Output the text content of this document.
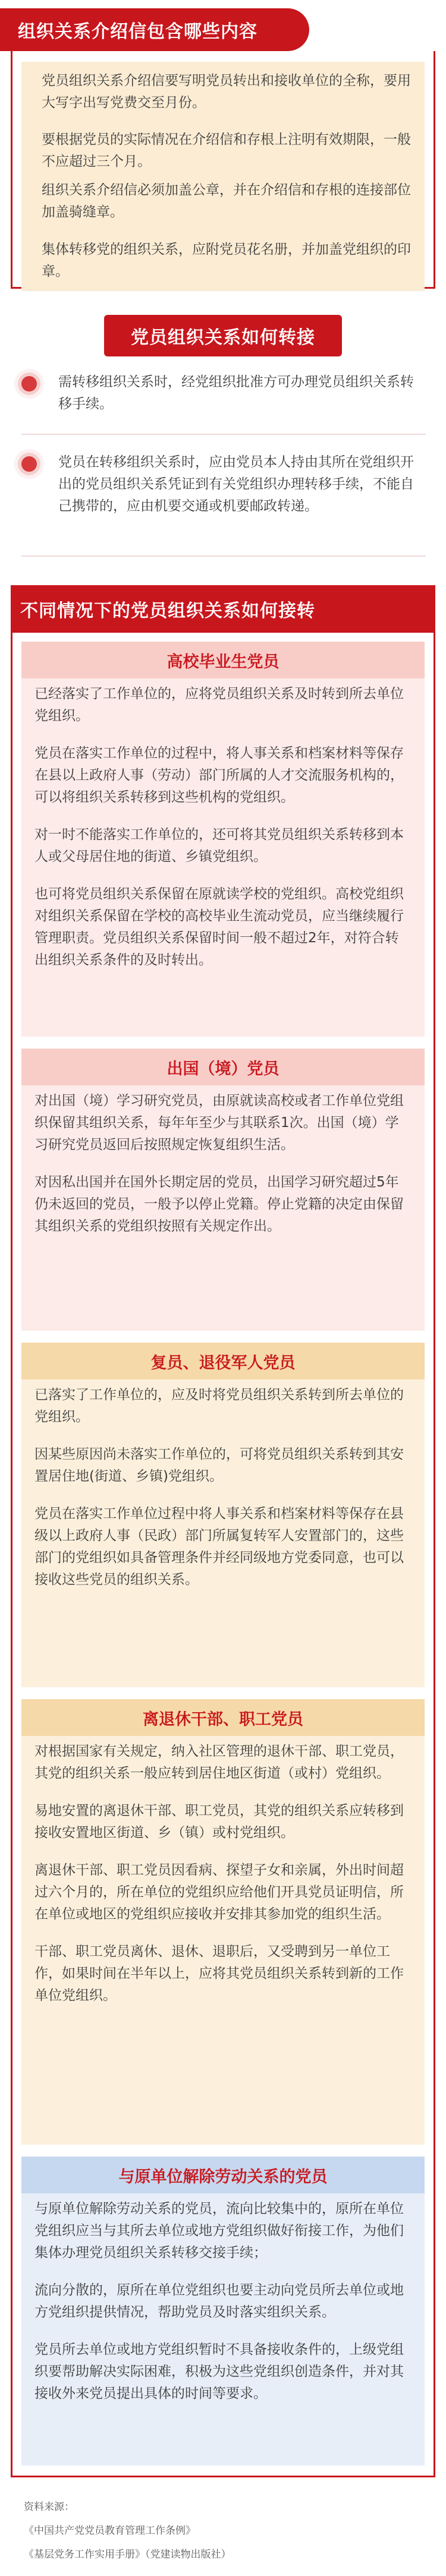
组织关系介绍信包含哪些内容
党员组织关系介绍信要写明党员转出和接收单位的全称，要用大写字出写党费交至月份。
要根据党员的实际情况在介绍信和存根上注明有效期限，一般不应超过三个月。
组织关系介绍信必须加盖公章，并在介绍信和存根的连接部位加盖骑缝章。
集体转移党的组织关系，应附党员花名册，并加盖党组织的印章。
党员组织关系如何转接
需转移组织关系时，经党组织批准方可办理党员组织关系转移手续。
党员在转移组织关系时，应由党员本人持由其所在党组织开出的党员组织关系凭证到有关党组织办理转移手续，不能自己携带的，应由机要交通或机要邮政转递。
不同情况下的党员组织关系如何接转
高校毕业生党员

已经落实了工作单位的，应将党员组织关系及时转到所去单位党组织。

党员在落实工作单位的过程中，将人事关系和档案材料等保存在县以上政府人事（劳动）部门所属的人才交流服务机构的，可以将组织关系转移到这些机构的党组织。

对一时不能落实工作单位的，还可将其党员组织关系转移到本人或父母居住地的街道、乡镇党组织。

也可将党员组织关系保留在原就读学校的党组织。高校党组织对组织关系保留在学校的高校毕业生流动党员，应当继续履行管理职责。党员组织关系保留时间一般不超过2年，对符合转出组织关系条件的及时转出。

出国（境）党员

对出国（境）学习研究党员，由原就读高校或者工作单位党组织保留其组织关系，每年年至少与其联系1次。出国（境）学习研究党员返回后按照规定恢复组织生活。

对因私出国并在国外长期定居的党员，出国学习研究超过5年仍未返回的党员，一般予以停止党籍。停止党籍的决定由保留其组织关系的党组织按照有关规定作出。

复员、退役军人党员

已落实了工作单位的，应及时将党员组织关系转到所去单位的党组织。

因某些原因尚未落实工作单位的，可将党员组织关系转到其安置居住地(街道、乡镇)党组织。

党员在落实工作单位过程中将人事关系和档案材料等保存在县级以上政府人事（民政）部门所属复转军人安置部门的，这些部门的党组织如具备管理条件并经同级地方党委同意，也可以接收这些党员的组织关系。

离退休干部、职工党员

对根据国家有关规定，纳入社区管理的退休干部、职工党员，其党的组织关系一般应转到居住地区街道（或村）党组织。

易地安置的离退休干部、职工党员，其党的组织关系应转移到接收安置地区街道、乡（镇）或村党组织。

离退休干部、职工党员因看病、探望子女和亲属，外出时间超过六个月的，所在单位的党组织应给他们开具党员证明信，所在单位或地区的党组织应接收并安排其参加党的组织生活。

干部、职工党员离休、退休、退职后，又受聘到另一单位工作，如果时间在半年以上，应将其党员组织关系转到新的工作单位党组织。

与原单位解除劳动关系的党员

与原单位解除劳动关系的党员，流向比较集中的，原所在单位党组织应当与其所去单位或地方党组织做好衔接工作，为他们集体办理党员组织关系转移交接手续；

流向分散的，原所在单位党组织也要主动向党员所去单位或地方党组织提供情况，帮助党员及时落实组织关系。

党员所去单位或地方党组织暂时不具备接收条件的，上级党组织要帮助解决实际困难，积极为这些党组织创造条件，并对其接收外来党员提出具体的时间等要求。

资料来源：
《中国共产党党员教育管理工作条例》
《基层党务工作实用手册》（党建读物出版社）
